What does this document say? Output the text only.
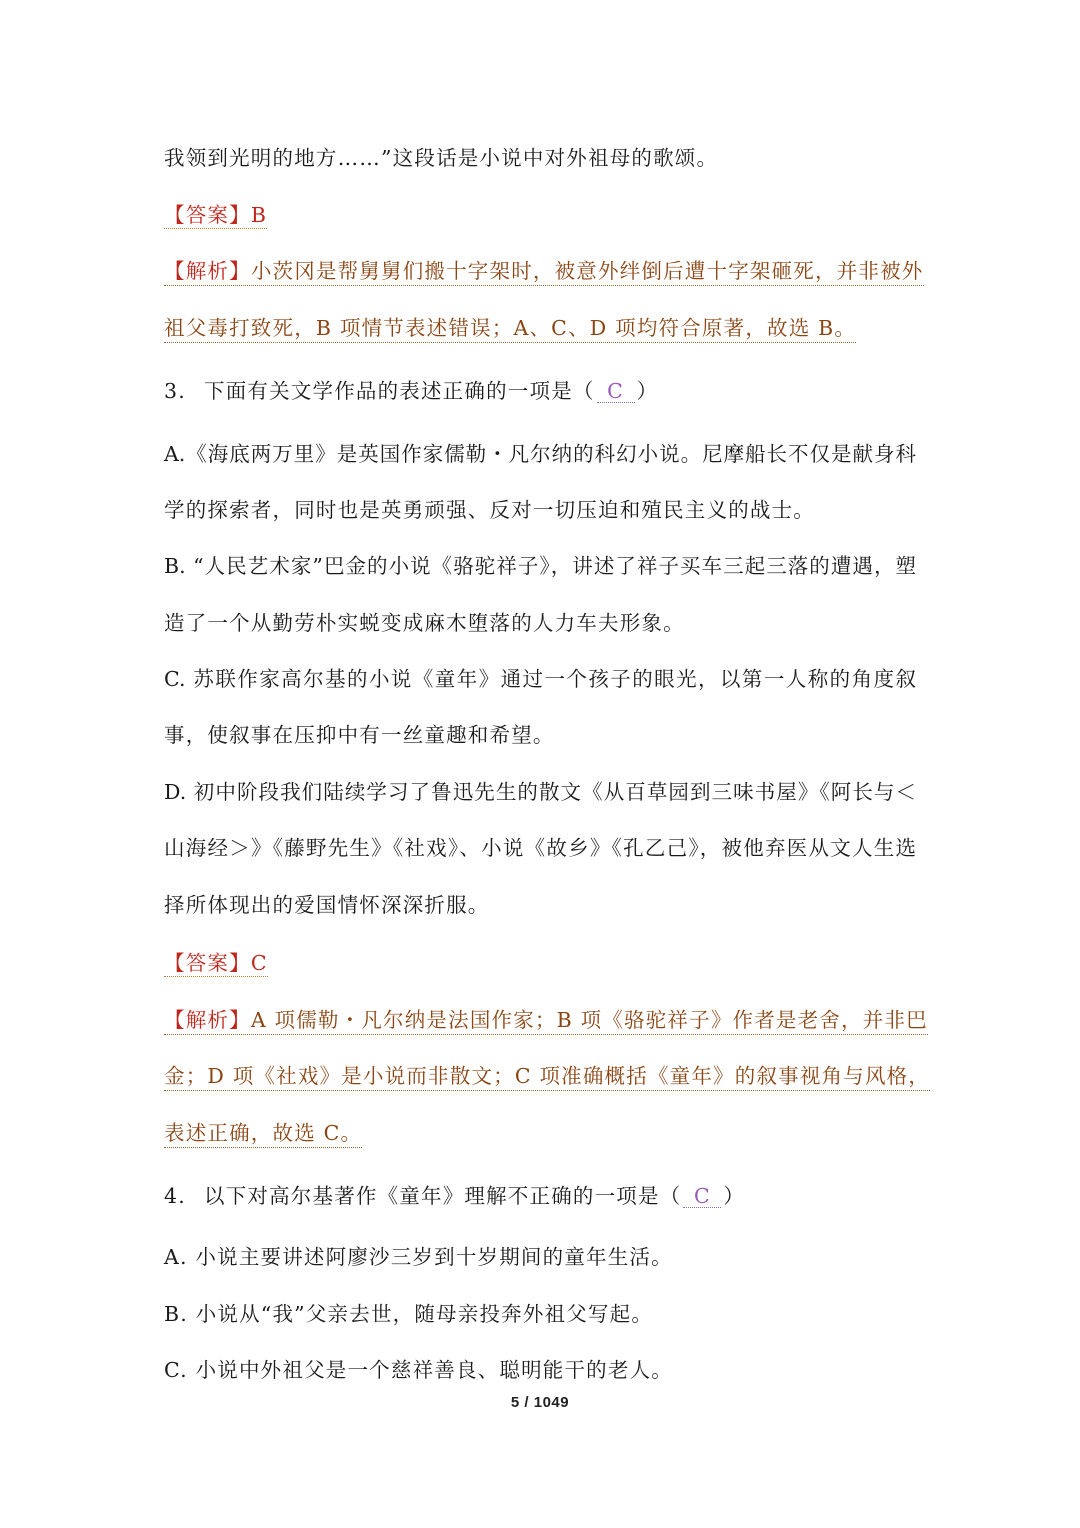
我领到光明的地方……”这段话是小说中对外祖母的歌颂。
【答案】B
【解析】小茨冈是帮舅舅们搬十字架时，被意外绊倒后遭十字架砸死，并非被外
祖父毒打致死，B 项情节表述错误；A、C、D 项均符合原著，故选 B。
3. 下面有关文学作品的表述正确的一项是（ C ）
A.《海底两万里》是英国作家儒勒・凡尔纳的科幻小说。尼摩船长不仅是献身科
学的探索者，同时也是英勇顽强、反对一切压迫和殖民主义的战士。
B. “人民艺术家”巴金的小说《骆驼祥子》，讲述了祥子买车三起三落的遭遇，塑
造了一个从勤劳朴实蜕变成麻木堕落的人力车夫形象。
C. 苏联作家高尔基的小说《童年》通过一个孩子的眼光，以第一人称的角度叙
事，使叙事在压抑中有一丝童趣和希望。
D. 初中阶段我们陆续学习了鲁迅先生的散文《从百草园到三味书屋》《阿长与＜
山海经＞》《藤野先生》《社戏》、小说《故乡》《孔乙己》，被他弃医从文人生选
择所体现出的爱国情怀深深折服。
【答案】C
【解析】A 项儒勒・凡尔纳是法国作家；B 项《骆驼祥子》作者是老舍，并非巴
金；D 项《社戏》是小说而非散文；C 项准确概括《童年》的叙事视角与风格，
表述正确，故选 C。
4. 以下对高尔基著作《童年》理解不正确的一项是（ C ）
A. 小说主要讲述阿廖沙三岁到十岁期间的童年生活。
B. 小说从“我”父亲去世，随母亲投奔外祖父写起。
C. 小说中外祖父是一个慈祥善良、聪明能干的老人。
5 / 1049
